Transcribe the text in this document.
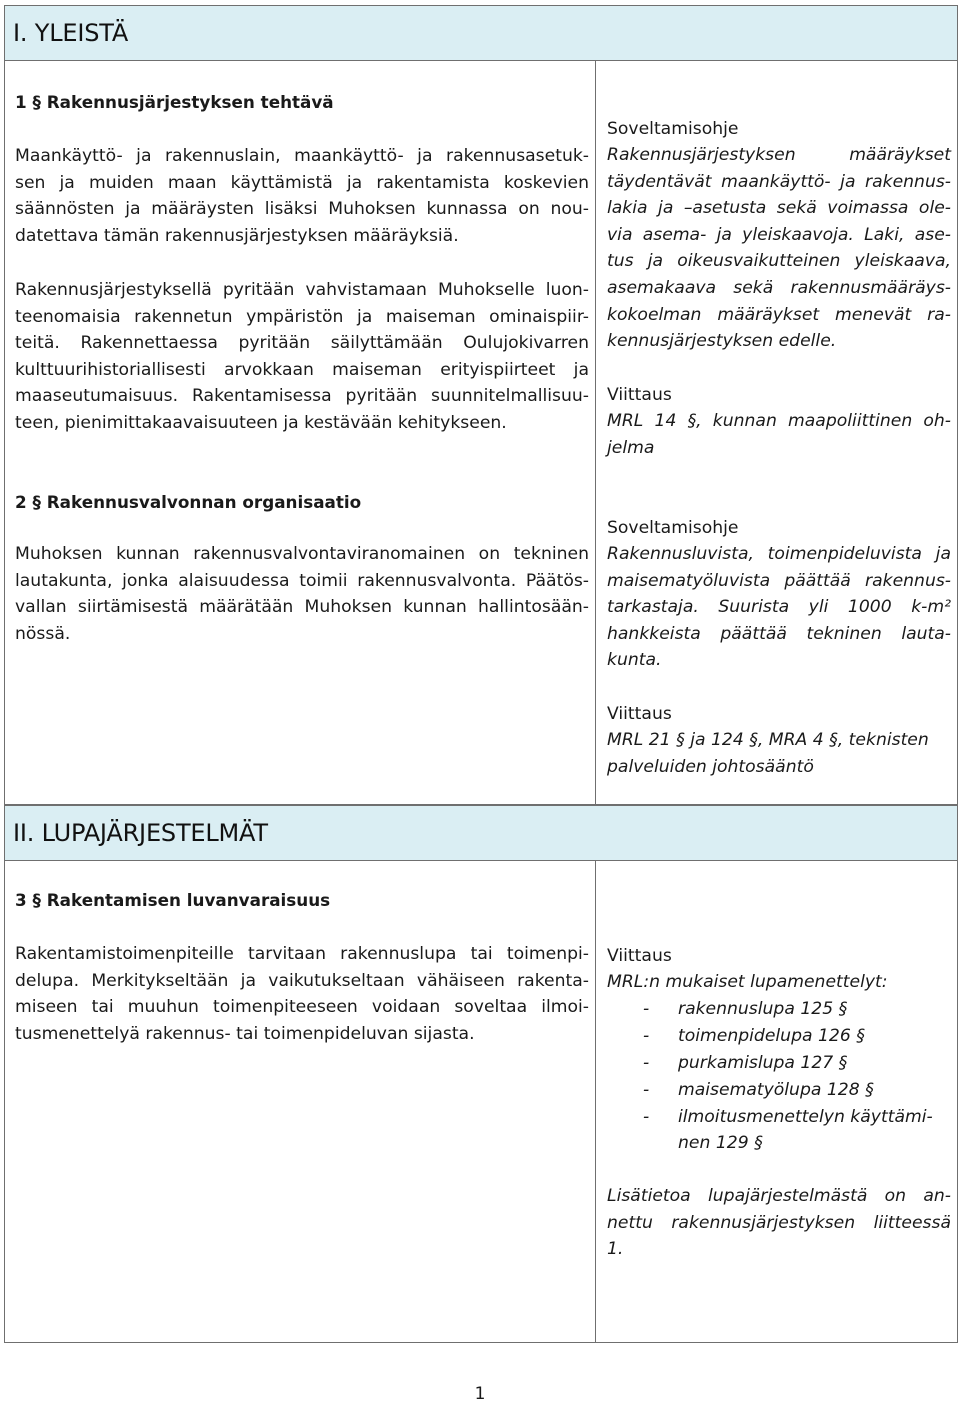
I. YLEISTÄ
1 § Rakennusjärjestyksen tehtävä
Maankäyttö- ja rakennuslain, maankäyttö- ja rakennusasetuk-
sen ja muiden maan käyttämistä ja rakentamista koskevien
säännösten ja määräysten lisäksi Muhoksen kunnassa on nou-
datettava tämän rakennusjärjestyksen määräyksiä.
Rakennusjärjestyksellä pyritään vahvistamaan Muhokselle luon-
teenomaisia rakennetun ympäristön ja maiseman ominaispiir-
teitä. Rakennettaessa pyritään säilyttämään Oulujokivarren
kulttuurihistoriallisesti arvokkaan maiseman erityispiirteet ja
maaseutumaisuus. Rakentamisessa pyritään suunnitelmallisuu-
teen, pienimittakaavaisuuteen ja kestävään kehitykseen.
2 § Rakennusvalvonnan organisaatio
Muhoksen kunnan rakennusvalvontaviranomainen on tekninen
lautakunta, jonka alaisuudessa toimii rakennusvalvonta. Päätös-
vallan siirtämisestä määrätään Muhoksen kunnan hallintosään-
nössä.
Soveltamisohje
Rakennusjärjestyksen määräykset
täydentävät maankäyttö- ja rakennus-
lakia ja –asetusta sekä voimassa ole-
via asema- ja yleiskaavoja. Laki, ase-
tus ja oikeusvaikutteinen yleiskaava,
asemakaava sekä rakennusmääräys-
kokoelman määräykset menevät ra-
kennusjärjestyksen edelle.
Viittaus
MRL 14 §, kunnan maapoliittinen oh-
jelma
Soveltamisohje
Rakennusluvista, toimenpideluvista ja
maisematyöluvista päättää rakennus-
tarkastaja. Suurista yli 1000 k-m²
hankkeista päättää tekninen lauta-
kunta.
Viittaus
MRL 21 § ja 124 §, MRA 4 §, teknisten
palveluiden johtosääntö
II. LUPAJÄRJESTELMÄT
3 § Rakentamisen luvanvaraisuus
Rakentamistoimenpiteille tarvitaan rakennuslupa tai toimenpi-
delupa. Merkitykseltään ja vaikutukseltaan vähäiseen rakenta-
miseen tai muuhun toimenpiteeseen voidaan soveltaa ilmoi-
tusmenettelyä rakennus- tai toimenpideluvan sijasta.
Viittaus
MRL:n mukaiset lupamenettelyt:
- rakennuslupa 125 §
- toimenpidelupa 126 §
- purkamislupa 127 §
- maisematyölupa 128 §
- ilmoitusmenettelyn käyttämi-
nen 129 §
Lisätietoa lupajärjestelmästä on an-
nettu rakennusjärjestyksen liitteessä
1.
1
